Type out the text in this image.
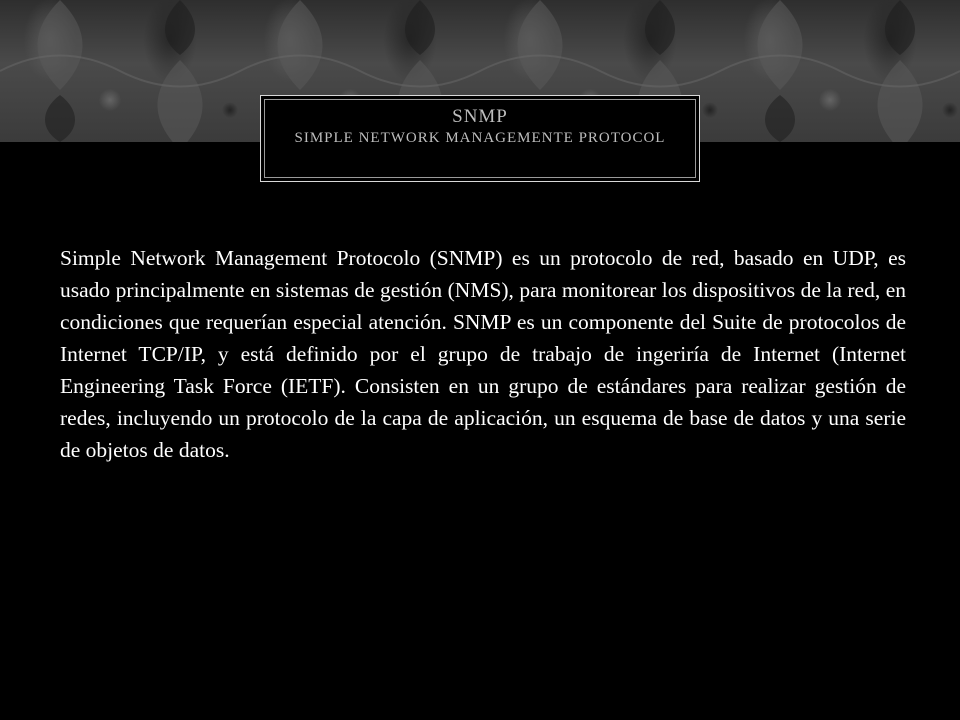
SNMP
SIMPLE NETWORK MANAGEMENTE PROTOCOL
Simple Network Management Protocolo (SNMP) es un protocolo de red, basado en UDP, es usado principalmente en sistemas de gestión (NMS), para monitorear los dispositivos de la red, en condiciones que requerían especial atención. SNMP es un componente del Suite de protocolos de Internet TCP/IP, y está definido por el grupo de trabajo de ingeriría de Internet (Internet Engineering Task Force (IETF). Consisten en un grupo de estándares para realizar gestión de redes, incluyendo un protocolo de la capa de aplicación, un esquema de base de datos y una serie de objetos de datos.
